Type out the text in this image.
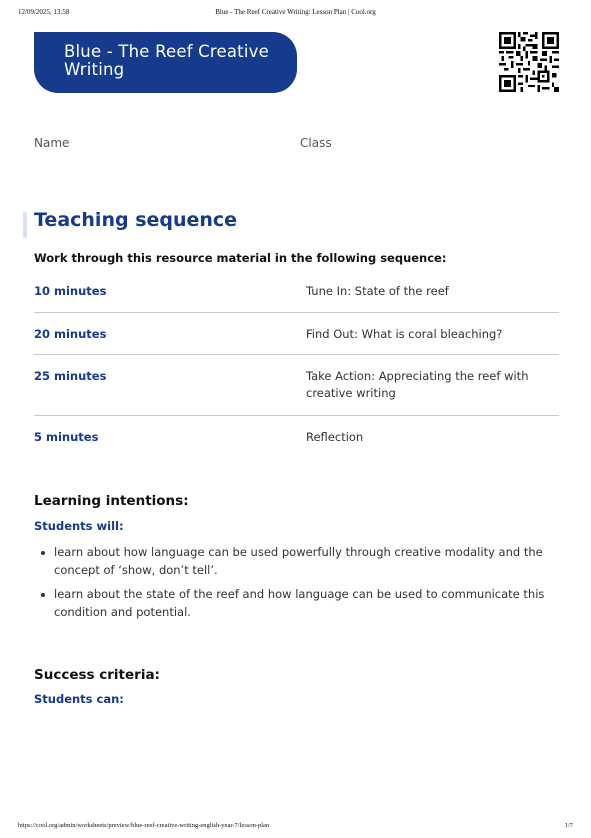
12/09/2025, 13:58	Blue - The Reef Creative Writing: Lesson Plan | Cool.org
Blue - The Reef Creative
Writing
Name	Class
Teaching sequence

Work through this resource material in the following sequence:

10 minutes	Tune In: State of the reef
20 minutes	Find Out: What is coral bleaching?
25 minutes	Take Action: Appreciating the reef with creative writing
5 minutes	Reflection
Learning intentions:

Students will:

learn about how language can be used powerfully through creative modality and the concept of ‘show, don’t tell’.
learn about the state of the reef and how language can be used to communicate this condition and potential.
Success criteria:

Students can:

https://cool.org/admin/worksheets/preview/blue-reef-creative-writing-english-year-7/lesson-plan	1/7
